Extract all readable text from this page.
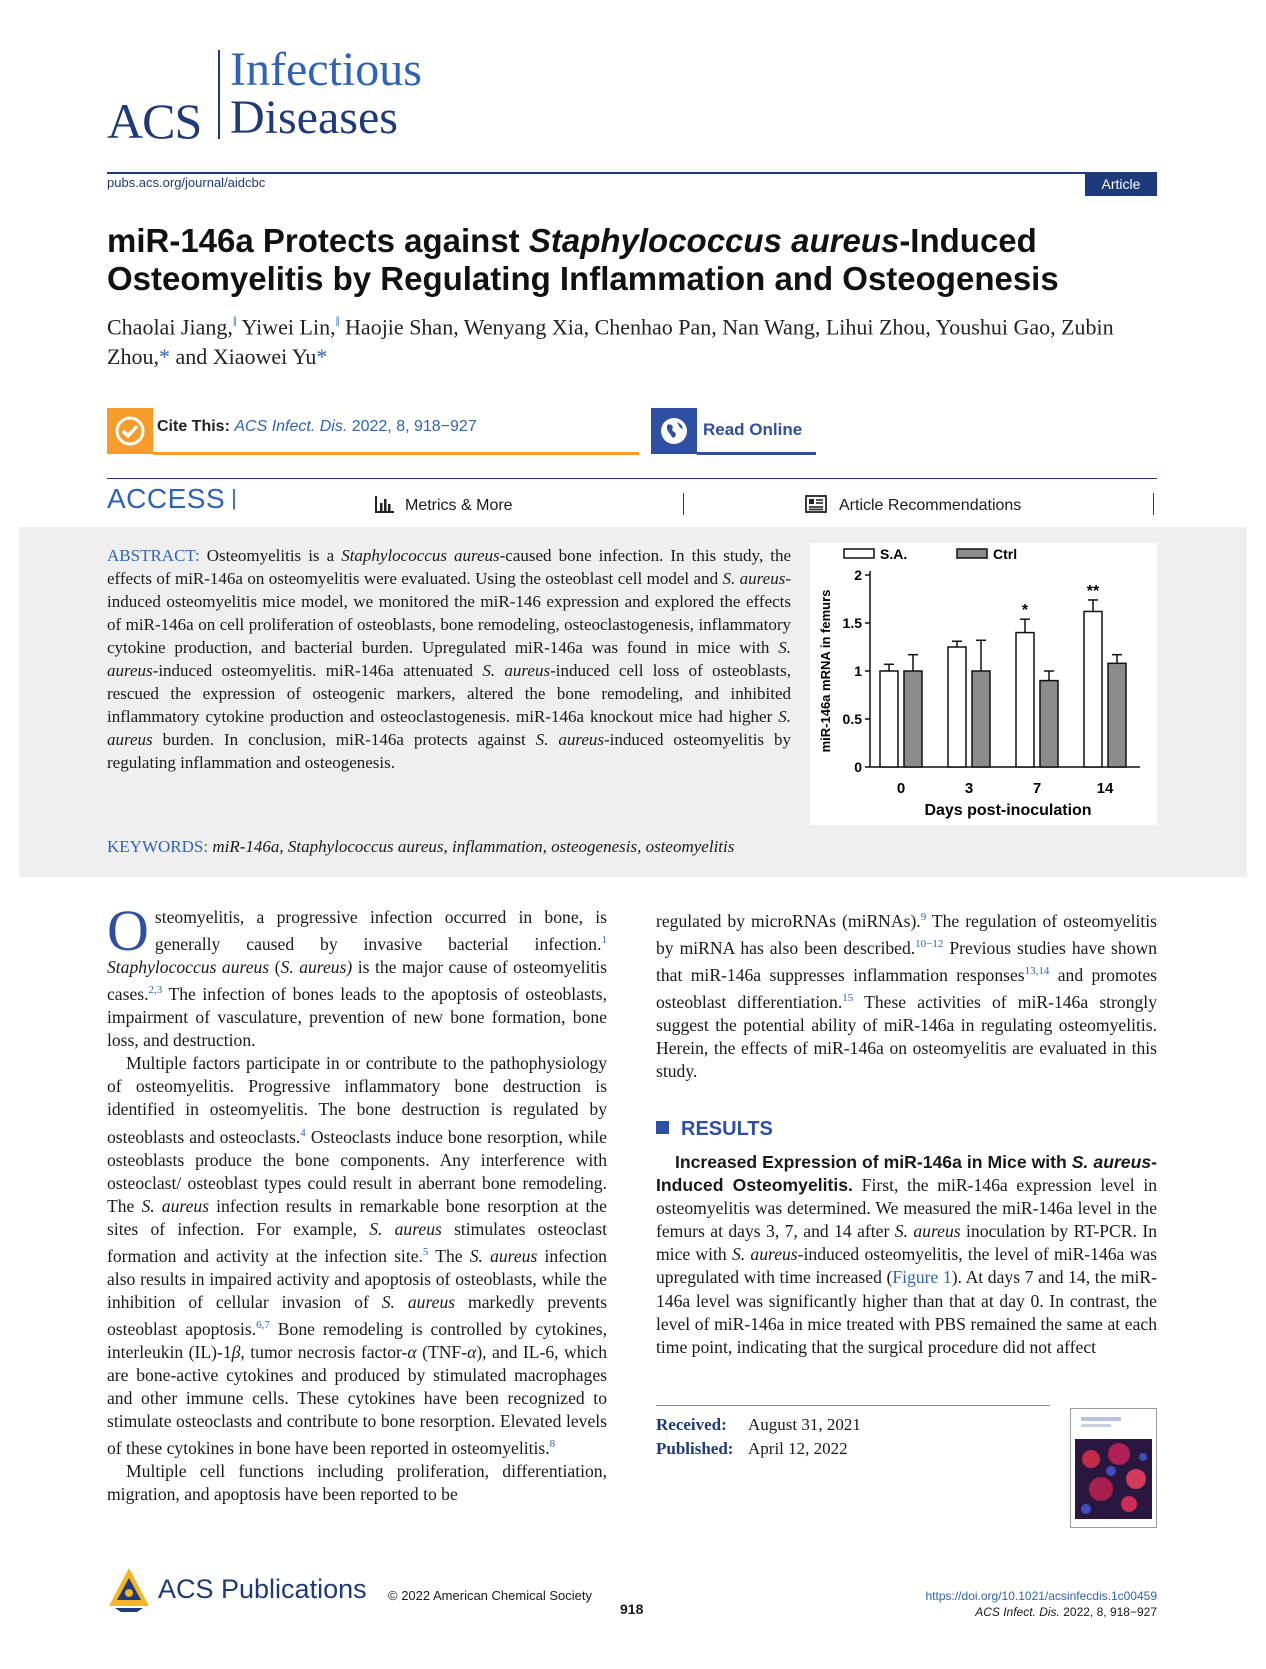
ACS
Infectious
Diseases
pubs.acs.org/journal/aidcbc	Article
miR-146a Protects against Staphylococcus aureus-Induced Osteomyelitis by Regulating Inflammation and Osteogenesis
Chaolai Jiang,‖ Yiwei Lin,‖ Haojie Shan, Wenyang Xia, Chenhao Pan, Nan Wang, Lihui Zhou, Youshui Gao, Zubin Zhou,* and Xiaowei Yu*
Cite This: ACS Infect. Dis. 2022, 8, 918−927	Read Online
ACCESS |	Metrics & More	Article Recommendations
ABSTRACT: Osteomyelitis is a Staphylococcus aureus-caused bone infection. In this study, the effects of miR-146a on osteomyelitis were evaluated. Using the osteoblast cell model and S. aureus-induced osteomyelitis mice model, we monitored the miR-146 expression and explored the effects of miR-146a on cell proliferation of osteoblasts, bone remodeling, osteoclastogenesis, inflammatory cytokine production, and bacterial burden. Upregulated miR-146a was found in mice with S. aureus-induced osteomyelitis. miR-146a attenuated S. aureus-induced cell loss of osteoblasts, rescued the expression of osteogenic markers, altered the bone remodeling, and inhibited inflammatory cytokine production and osteoclastogenesis. miR-146a knockout mice had higher S. aureus burden. In conclusion, miR-146a protects against S. aureus-induced osteomyelitis by regulating inflammation and osteogenesis.	0
0.5
1
1.5
2
miR-146a mRNA in femurs
0	3
*
7
**
14
Days post-inoculation
S.A.	Ctrl
KEYWORDS: miR-146a, Staphylococcus aureus, inflammation, osteogenesis, osteomyelitis

Osteomyelitis, a progressive infection occurred in bone, is generally caused by invasive bacterial infection.$^1$ Staphylococcus aureus (S. aureus) is the major cause of osteomyelitis cases.$^{2,3}$ The infection of bones leads to the apoptosis of osteoblasts, impairment of vasculature, prevention of new bone formation, bone loss, and destruction.

Multiple factors participate in or contribute to the pathophysiology of osteomyelitis. Progressive inflammatory bone destruction is identified in osteomyelitis. The bone destruction is regulated by osteoblasts and osteoclasts.$^4$ Osteoclasts induce bone resorption, while osteoblasts produce the bone components. Any interference with osteoclast/ osteoblast types could result in aberrant bone remodeling. The S. aureus infection results in remarkable bone resorption at the sites of infection. For example, S. aureus stimulates osteoclast formation and activity at the infection site.$^5$ The S. aureus infection also results in impaired activity and apoptosis of osteoblasts, while the inhibition of cellular invasion of S. aureus markedly prevents osteoblast apoptosis.$^{6,7}$ Bone remodeling is controlled by cytokines, interleukin (IL)-1β, tumor necrosis factor-α (TNF-α), and IL-6, which are bone-active cytokines and produced by stimulated macrophages and other immune cells. These cytokines have been recognized to stimulate osteoclasts and contribute to bone resorption. Elevated levels of these cytokines in bone have been reported in osteomyelitis.$^8$

Multiple cell functions including proliferation, differentiation, migration, and apoptosis have been reported to be

regulated by microRNAs (miRNAs).$^9$ The regulation of osteomyelitis by miRNA has also been described.$^{10-12}$ Previous studies have shown that miR-146a suppresses inflammation responses$^{13,14}$ and promotes osteoblast differentiation.$^{15}$ These activities of miR-146a strongly suggest the potential ability of miR-146a in regulating osteomyelitis. Herein, the effects of miR-146a on osteomyelitis are evaluated in this study.

RESULTS

Increased Expression of miR-146a in Mice with S. aureus-Induced Osteomyelitis. First, the miR-146a expression level in osteomyelitis was determined. We measured the miR-146a level in the femurs at days 3, 7, and 14 after S. aureus inoculation by RT-PCR. In mice with S. aureus-induced osteomyelitis, the level of miR-146a was upregulated with time increased (Figure 1). At days 7 and 14, the miR-146a level was significantly higher than that at day 0. In contrast, the level of miR-146a in mice treated with PBS remained the same at each time point, indicating that the surgical procedure did not affect

Received: August 31, 2021
Published: April 12, 2022
ACS Publications © 2022 American Chemical Society
918
https://doi.org/10.1021/acsinfecdis.1c00459
ACS Infect. Dis. 2022, 8, 918−927
